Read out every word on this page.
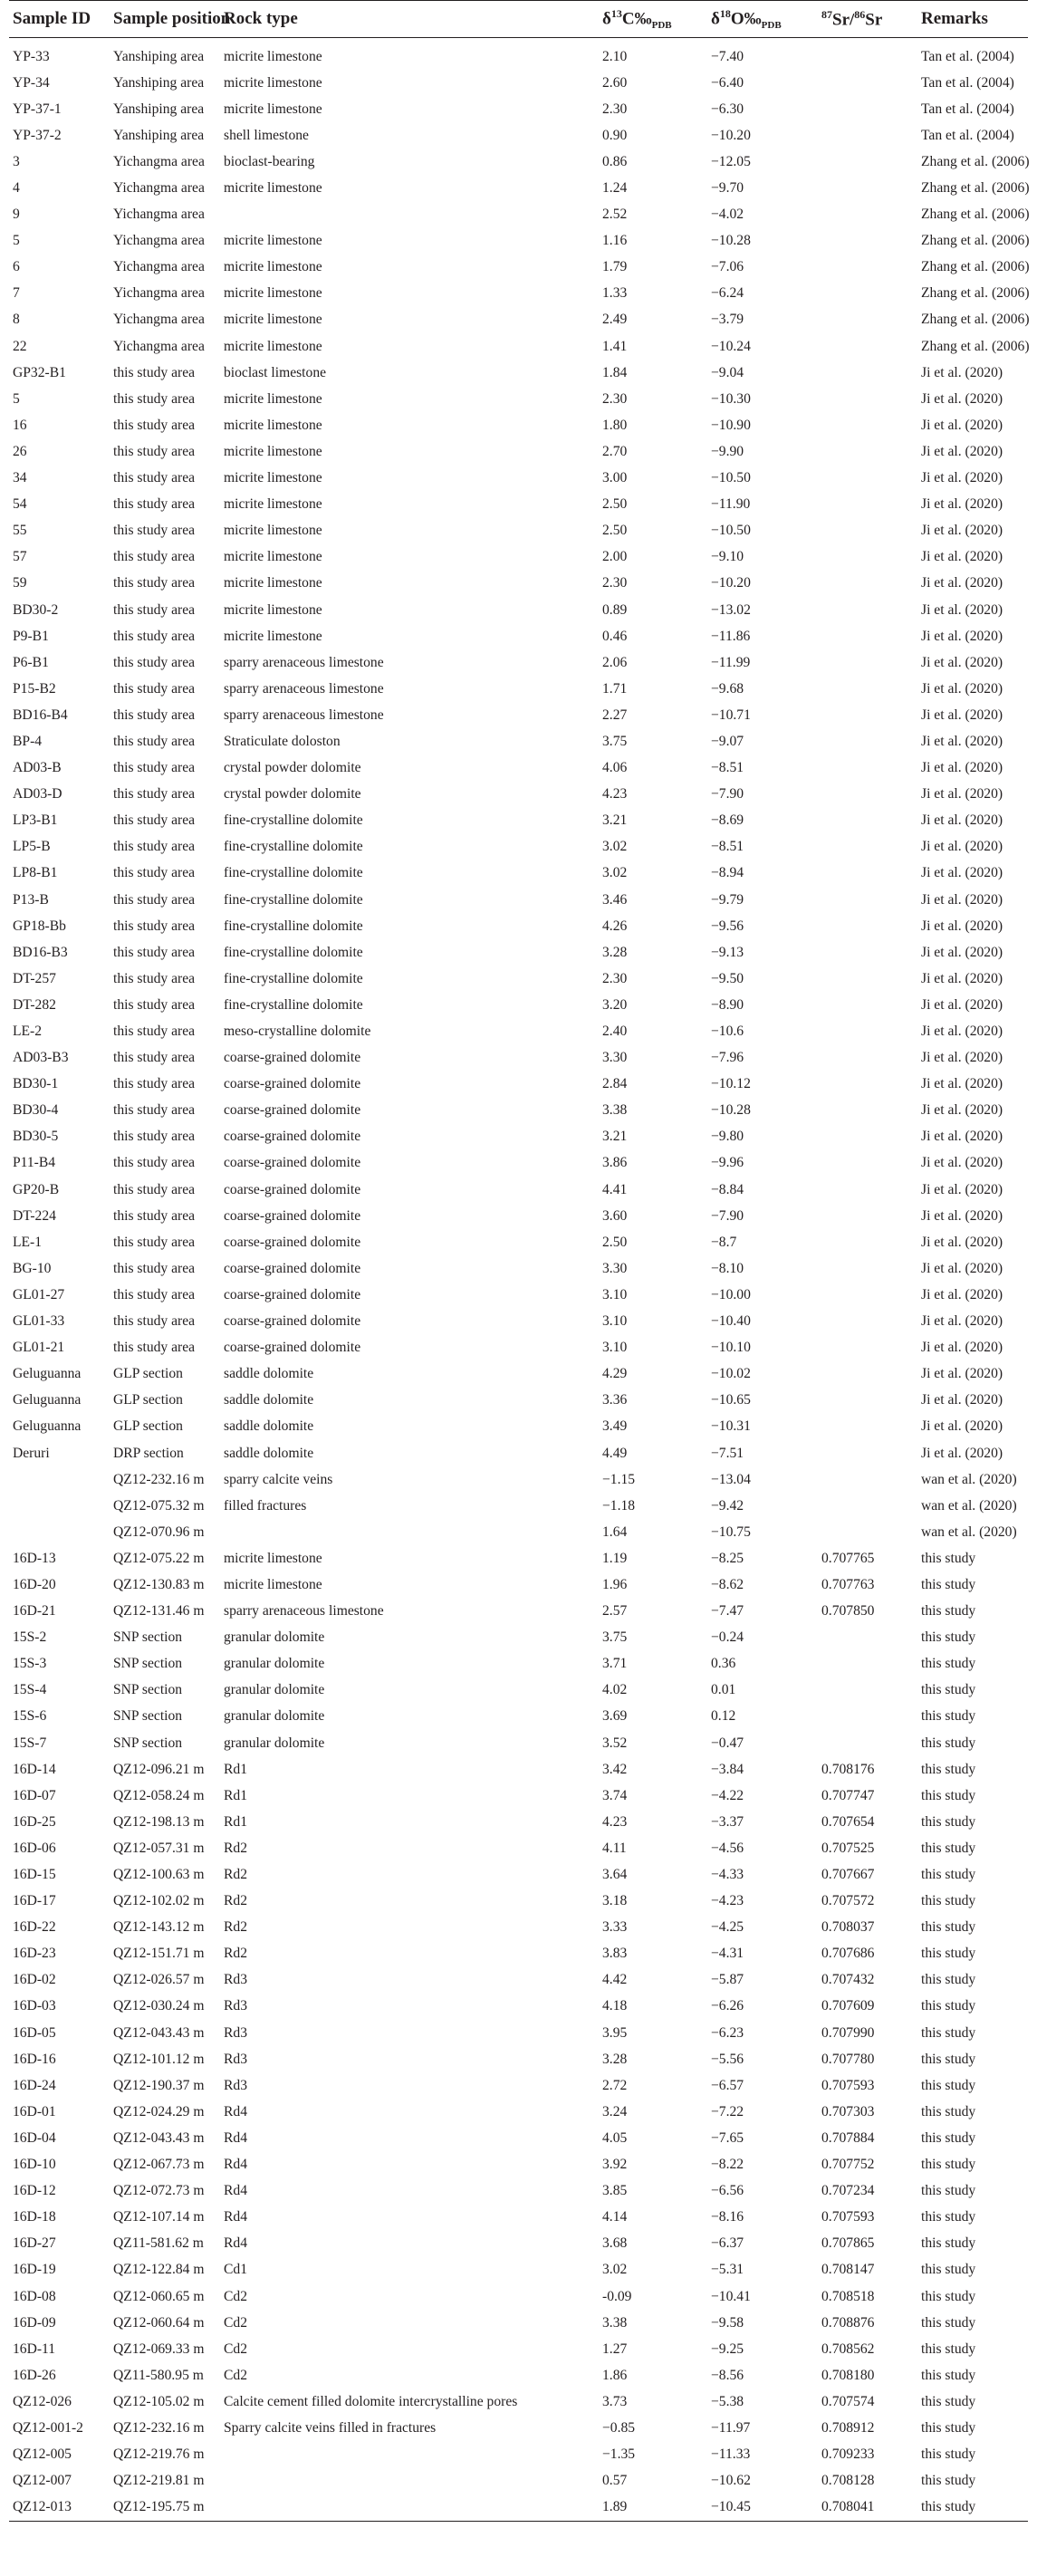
Sample ID	Sample position	Rock type	$\delta^{13}C‰_{PDB}$	$\delta^{18}O‰_{PDB}$	$^{87}$Sr/$^{86}$Sr	Remarks

YP-33	Yanshiping area	micrite limestone	2.10	−7.40		Tan et al. (2004)
YP-34	Yanshiping area	micrite limestone	2.60	−6.40		Tan et al. (2004)
YP-37-1	Yanshiping area	micrite limestone	2.30	−6.30		Tan et al. (2004)
YP-37-2	Yanshiping area	shell limestone	0.90	−10.20		Tan et al. (2004)
3	Yichangma area	bioclast-bearing	0.86	−12.05		Zhang et al. (2006)
4	Yichangma area	micrite limestone	1.24	−9.70		Zhang et al. (2006)
9	Yichangma area		2.52	−4.02		Zhang et al. (2006)
5	Yichangma area	micrite limestone	1.16	−10.28		Zhang et al. (2006)
6	Yichangma area	micrite limestone	1.79	−7.06		Zhang et al. (2006)
7	Yichangma area	micrite limestone	1.33	−6.24		Zhang et al. (2006)
8	Yichangma area	micrite limestone	2.49	−3.79		Zhang et al. (2006)
22	Yichangma area	micrite limestone	1.41	−10.24		Zhang et al. (2006)
GP32-B1	this study area	bioclast limestone	1.84	−9.04		Ji et al. (2020)
5	this study area	micrite limestone	2.30	−10.30		Ji et al. (2020)
16	this study area	micrite limestone	1.80	−10.90		Ji et al. (2020)
26	this study area	micrite limestone	2.70	−9.90		Ji et al. (2020)
34	this study area	micrite limestone	3.00	−10.50		Ji et al. (2020)
54	this study area	micrite limestone	2.50	−11.90		Ji et al. (2020)
55	this study area	micrite limestone	2.50	−10.50		Ji et al. (2020)
57	this study area	micrite limestone	2.00	−9.10		Ji et al. (2020)
59	this study area	micrite limestone	2.30	−10.20		Ji et al. (2020)
BD30-2	this study area	micrite limestone	0.89	−13.02		Ji et al. (2020)
P9-B1	this study area	micrite limestone	0.46	−11.86		Ji et al. (2020)
P6-B1	this study area	sparry arenaceous limestone	2.06	−11.99		Ji et al. (2020)
P15-B2	this study area	sparry arenaceous limestone	1.71	−9.68		Ji et al. (2020)
BD16-B4	this study area	sparry arenaceous limestone	2.27	−10.71		Ji et al. (2020)
BP-4	this study area	Straticulate doloston	3.75	−9.07		Ji et al. (2020)
AD03-B	this study area	crystal powder dolomite	4.06	−8.51		Ji et al. (2020)
AD03-D	this study area	crystal powder dolomite	4.23	−7.90		Ji et al. (2020)
LP3-B1	this study area	fine-crystalline dolomite	3.21	−8.69		Ji et al. (2020)
LP5-B	this study area	fine-crystalline dolomite	3.02	−8.51		Ji et al. (2020)
LP8-B1	this study area	fine-crystalline dolomite	3.02	−8.94		Ji et al. (2020)
P13-B	this study area	fine-crystalline dolomite	3.46	−9.79		Ji et al. (2020)
GP18-Bb	this study area	fine-crystalline dolomite	4.26	−9.56		Ji et al. (2020)
BD16-B3	this study area	fine-crystalline dolomite	3.28	−9.13		Ji et al. (2020)
DT-257	this study area	fine-crystalline dolomite	2.30	−9.50		Ji et al. (2020)
DT-282	this study area	fine-crystalline dolomite	3.20	−8.90		Ji et al. (2020)
LE-2	this study area	meso-crystalline dolomite	2.40	−10.6		Ji et al. (2020)
AD03-B3	this study area	coarse-grained dolomite	3.30	−7.96		Ji et al. (2020)
BD30-1	this study area	coarse-grained dolomite	2.84	−10.12		Ji et al. (2020)
BD30-4	this study area	coarse-grained dolomite	3.38	−10.28		Ji et al. (2020)
BD30-5	this study area	coarse-grained dolomite	3.21	−9.80		Ji et al. (2020)
P11-B4	this study area	coarse-grained dolomite	3.86	−9.96		Ji et al. (2020)
GP20-B	this study area	coarse-grained dolomite	4.41	−8.84		Ji et al. (2020)
DT-224	this study area	coarse-grained dolomite	3.60	−7.90		Ji et al. (2020)
LE-1	this study area	coarse-grained dolomite	2.50	−8.7		Ji et al. (2020)
BG-10	this study area	coarse-grained dolomite	3.30	−8.10		Ji et al. (2020)
GL01-27	this study area	coarse-grained dolomite	3.10	−10.00		Ji et al. (2020)
GL01-33	this study area	coarse-grained dolomite	3.10	−10.40		Ji et al. (2020)
GL01-21	this study area	coarse-grained dolomite	3.10	−10.10		Ji et al. (2020)
Geluguanna	GLP section	saddle dolomite	4.29	−10.02		Ji et al. (2020)
Geluguanna	GLP section	saddle dolomite	3.36	−10.65		Ji et al. (2020)
Geluguanna	GLP section	saddle dolomite	3.49	−10.31		Ji et al. (2020)
Deruri	DRP section	saddle dolomite	4.49	−7.51		Ji et al. (2020)
	QZ12-232.16 m	sparry calcite veins	−1.15	−13.04		wan et al. (2020)
	QZ12-075.32 m	filled fractures	−1.18	−9.42		wan et al. (2020)
	QZ12-070.96 m		1.64	−10.75		wan et al. (2020)
16D-13	QZ12-075.22 m	micrite limestone	1.19	−8.25	0.707765	this study
16D-20	QZ12-130.83 m	micrite limestone	1.96	−8.62	0.707763	this study
16D-21	QZ12-131.46 m	sparry arenaceous limestone	2.57	−7.47	0.707850	this study
15S-2	SNP section	granular dolomite	3.75	−0.24		this study
15S-3	SNP section	granular dolomite	3.71	0.36		this study
15S-4	SNP section	granular dolomite	4.02	0.01		this study
15S-6	SNP section	granular dolomite	3.69	0.12		this study
15S-7	SNP section	granular dolomite	3.52	−0.47		this study
16D-14	QZ12-096.21 m	Rd1	3.42	−3.84	0.708176	this study
16D-07	QZ12-058.24 m	Rd1	3.74	−4.22	0.707747	this study
16D-25	QZ12-198.13 m	Rd1	4.23	−3.37	0.707654	this study
16D-06	QZ12-057.31 m	Rd2	4.11	−4.56	0.707525	this study
16D-15	QZ12-100.63 m	Rd2	3.64	−4.33	0.707667	this study
16D-17	QZ12-102.02 m	Rd2	3.18	−4.23	0.707572	this study
16D-22	QZ12-143.12 m	Rd2	3.33	−4.25	0.708037	this study
16D-23	QZ12-151.71 m	Rd2	3.83	−4.31	0.707686	this study
16D-02	QZ12-026.57 m	Rd3	4.42	−5.87	0.707432	this study
16D-03	QZ12-030.24 m	Rd3	4.18	−6.26	0.707609	this study
16D-05	QZ12-043.43 m	Rd3	3.95	−6.23	0.707990	this study
16D-16	QZ12-101.12 m	Rd3	3.28	−5.56	0.707780	this study
16D-24	QZ12-190.37 m	Rd3	2.72	−6.57	0.707593	this study
16D-01	QZ12-024.29 m	Rd4	3.24	−7.22	0.707303	this study
16D-04	QZ12-043.43 m	Rd4	4.05	−7.65	0.707884	this study
16D-10	QZ12-067.73 m	Rd4	3.92	−8.22	0.707752	this study
16D-12	QZ12-072.73 m	Rd4	3.85	−6.56	0.707234	this study
16D-18	QZ12-107.14 m	Rd4	4.14	−8.16	0.707593	this study
16D-27	QZ11-581.62 m	Rd4	3.68	−6.37	0.707865	this study
16D-19	QZ12-122.84 m	Cd1	3.02	−5.31	0.708147	this study
16D-08	QZ12-060.65 m	Cd2	-0.09	−10.41	0.708518	this study
16D-09	QZ12-060.64 m	Cd2	3.38	−9.58	0.708876	this study
16D-11	QZ12-069.33 m	Cd2	1.27	−9.25	0.708562	this study
16D-26	QZ11-580.95 m	Cd2	1.86	−8.56	0.708180	this study
QZ12-026	QZ12-105.02 m	Calcite cement filled dolomite intercrystalline pores	3.73	−5.38	0.707574	this study
QZ12-001-2	QZ12-232.16 m	Sparry calcite veins filled in fractures	−0.85	−11.97	0.708912	this study
QZ12-005	QZ12-219.76 m		−1.35	−11.33	0.709233	this study
QZ12-007	QZ12-219.81 m		0.57	−10.62	0.708128	this study
QZ12-013	QZ12-195.75 m		1.89	−10.45	0.708041	this study
